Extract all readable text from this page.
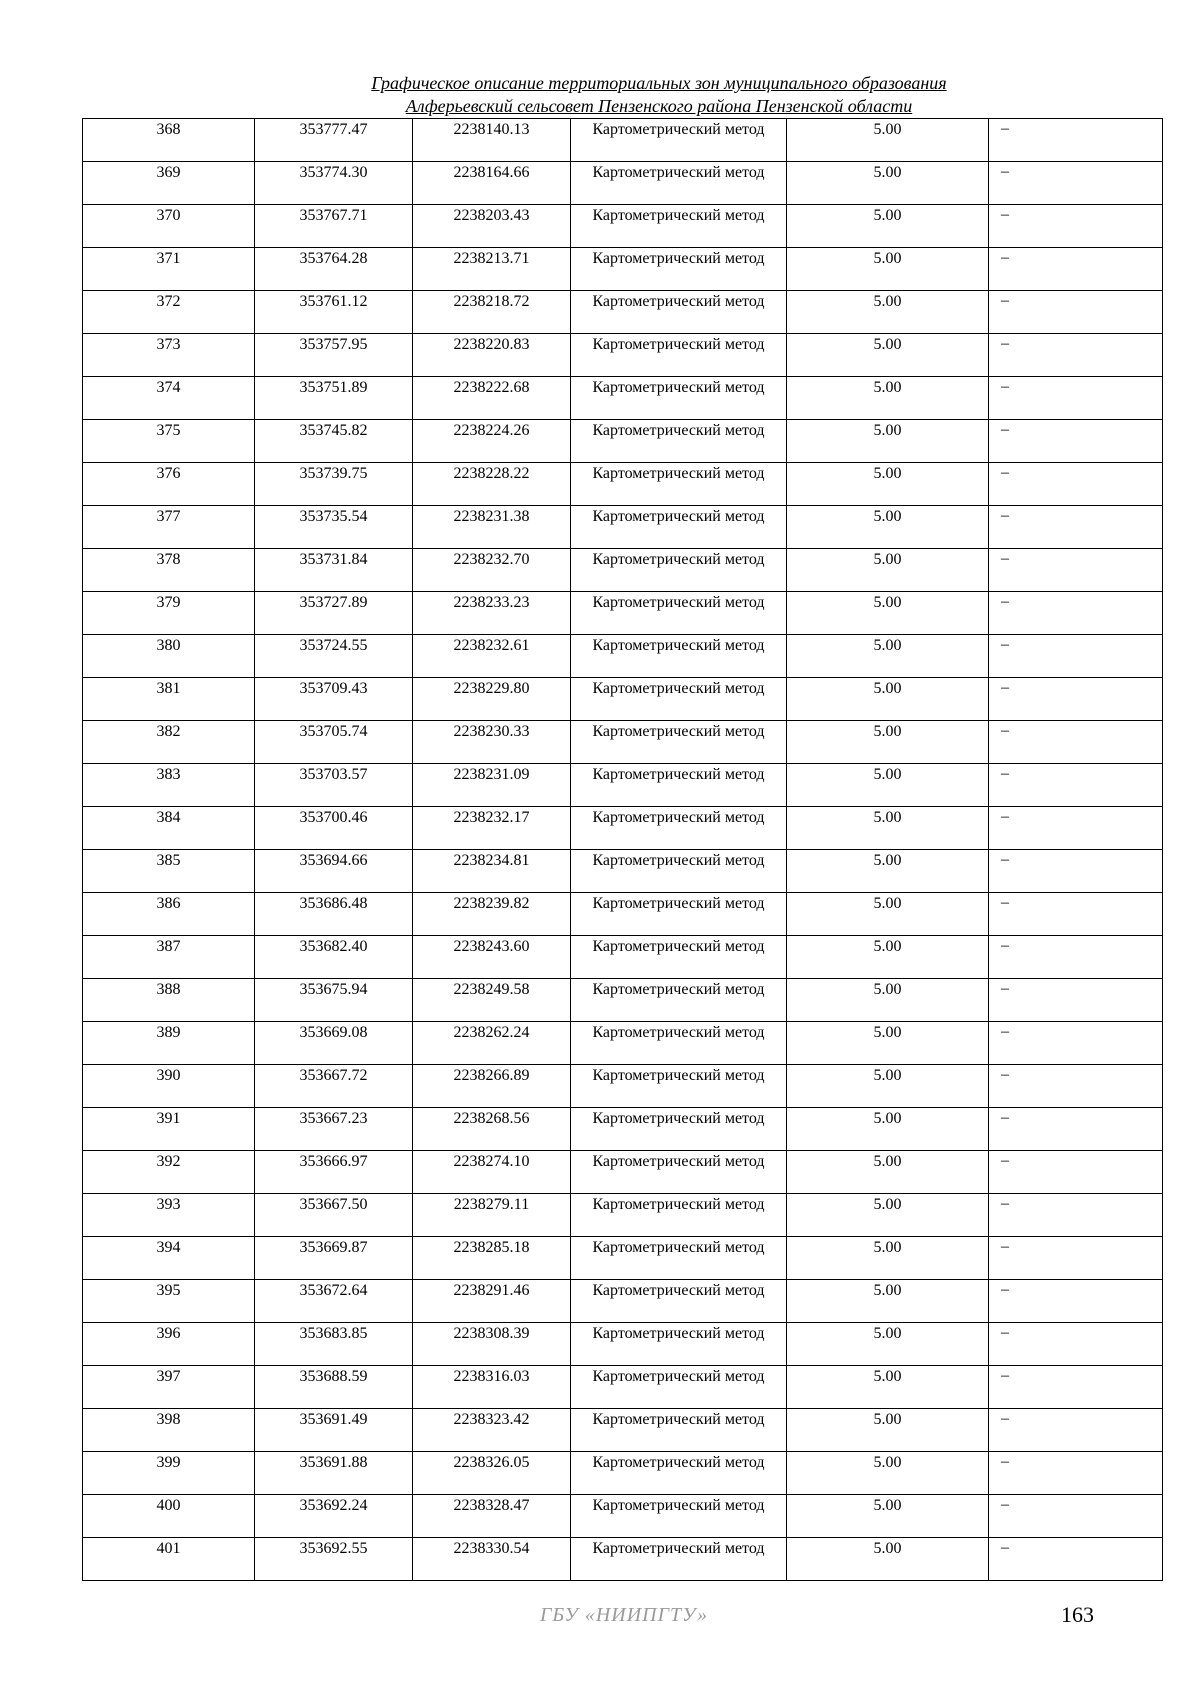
Графическое описание территориальных зон муниципального образования
Алферьевский сельсовет Пензенского района Пензенской области
368	353777.47	2238140.13	Картометрический метод	5.00	–
369	353774.30	2238164.66	Картометрический метод	5.00	–
370	353767.71	2238203.43	Картометрический метод	5.00	–
371	353764.28	2238213.71	Картометрический метод	5.00	–
372	353761.12	2238218.72	Картометрический метод	5.00	–
373	353757.95	2238220.83	Картометрический метод	5.00	–
374	353751.89	2238222.68	Картометрический метод	5.00	–
375	353745.82	2238224.26	Картометрический метод	5.00	–
376	353739.75	2238228.22	Картометрический метод	5.00	–
377	353735.54	2238231.38	Картометрический метод	5.00	–
378	353731.84	2238232.70	Картометрический метод	5.00	–
379	353727.89	2238233.23	Картометрический метод	5.00	–
380	353724.55	2238232.61	Картометрический метод	5.00	–
381	353709.43	2238229.80	Картометрический метод	5.00	–
382	353705.74	2238230.33	Картометрический метод	5.00	–
383	353703.57	2238231.09	Картометрический метод	5.00	–
384	353700.46	2238232.17	Картометрический метод	5.00	–
385	353694.66	2238234.81	Картометрический метод	5.00	–
386	353686.48	2238239.82	Картометрический метод	5.00	–
387	353682.40	2238243.60	Картометрический метод	5.00	–
388	353675.94	2238249.58	Картометрический метод	5.00	–
389	353669.08	2238262.24	Картометрический метод	5.00	–
390	353667.72	2238266.89	Картометрический метод	5.00	–
391	353667.23	2238268.56	Картометрический метод	5.00	–
392	353666.97	2238274.10	Картометрический метод	5.00	–
393	353667.50	2238279.11	Картометрический метод	5.00	–
394	353669.87	2238285.18	Картометрический метод	5.00	–
395	353672.64	2238291.46	Картометрический метод	5.00	–
396	353683.85	2238308.39	Картометрический метод	5.00	–
397	353688.59	2238316.03	Картометрический метод	5.00	–
398	353691.49	2238323.42	Картометрический метод	5.00	–
399	353691.88	2238326.05	Картометрический метод	5.00	–
400	353692.24	2238328.47	Картометрический метод	5.00	–
401	353692.55	2238330.54	Картометрический метод	5.00	–
ГБУ «НИИПГТУ»	163
